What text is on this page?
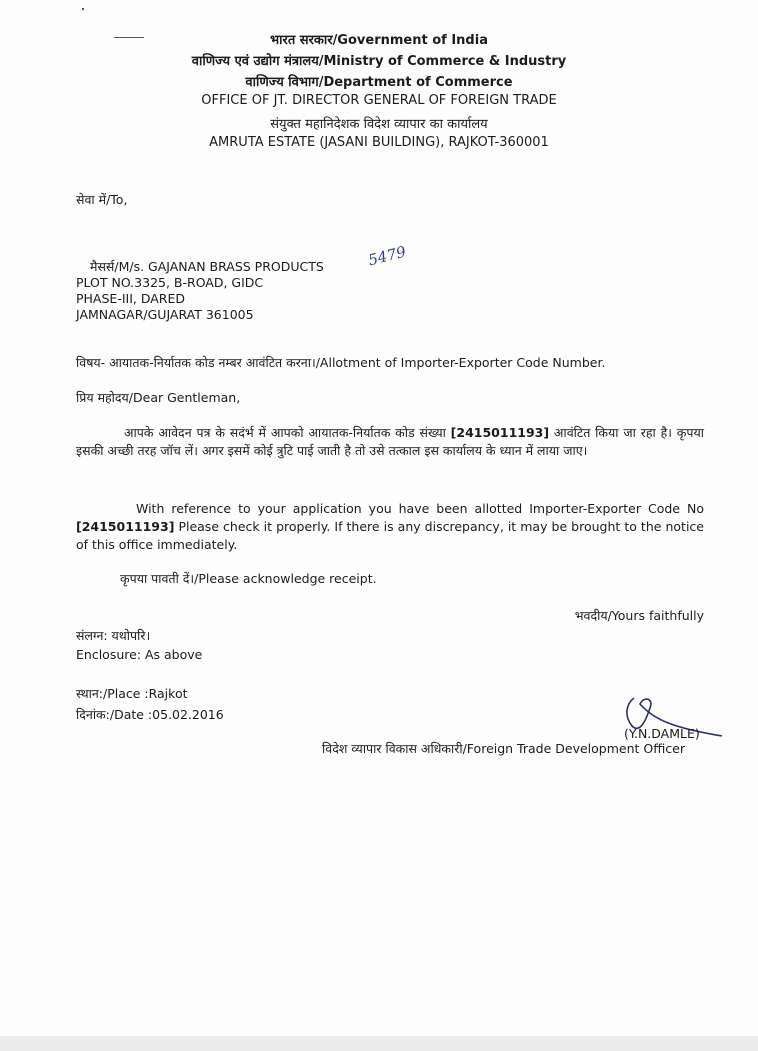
भारत सरकार/Government of India
वाणिज्य एवं उद्योग मंत्रालय/Ministry of Commerce & Industry
वाणिज्य विभाग/Department of Commerce
OFFICE OF JT. DIRECTOR GENERAL OF FOREIGN TRADE
संयुक्त महानिदेशक विदेश व्यापार का कार्यालय
AMRUTA ESTATE (JASANI BUILDING), RAJKOT-360001
सेवा में/To,
मैसर्स/M/s. GAJANAN BRASS PRODUCTS
PLOT NO.3325, B-ROAD, GIDC
PHASE-III, DARED
JAMNAGAR/GUJARAT 361005
5479
विषय- आयातक-निर्यातक कोड नम्बर आवंटित करना।/Allotment of Importer-Exporter Code Number.
प्रिय महोदय/Dear Gentleman,
आपके आवेदन पत्र के सदंर्भ में आपको आयातक-निर्यातक कोड संख्या [2415011193] आवंटित किया जा रहा है। कृपया इसकी अच्छी तरह जॉच लें। अगर इसमें कोई त्रुटि पाई जाती है तो उसे तत्काल इस कार्यालय के ध्यान में लाया जाए।
With reference to your application you have been allotted Importer-Exporter Code No [2415011193] Please check it properly. If there is any discrepancy, it may be brought to the notice of this office immediately.
कृपया पावती दें।/Please acknowledge receipt.
भवदीय/Yours faithfully
संलग्न: यथोपरि।
Enclosure: As above
स्थान:/Place :Rajkot
दिनांक:/Date :05.02.2016
(Y.N.DAMLE)
विदेश व्यापार विकास अधिकारी/Foreign Trade Development Officer
